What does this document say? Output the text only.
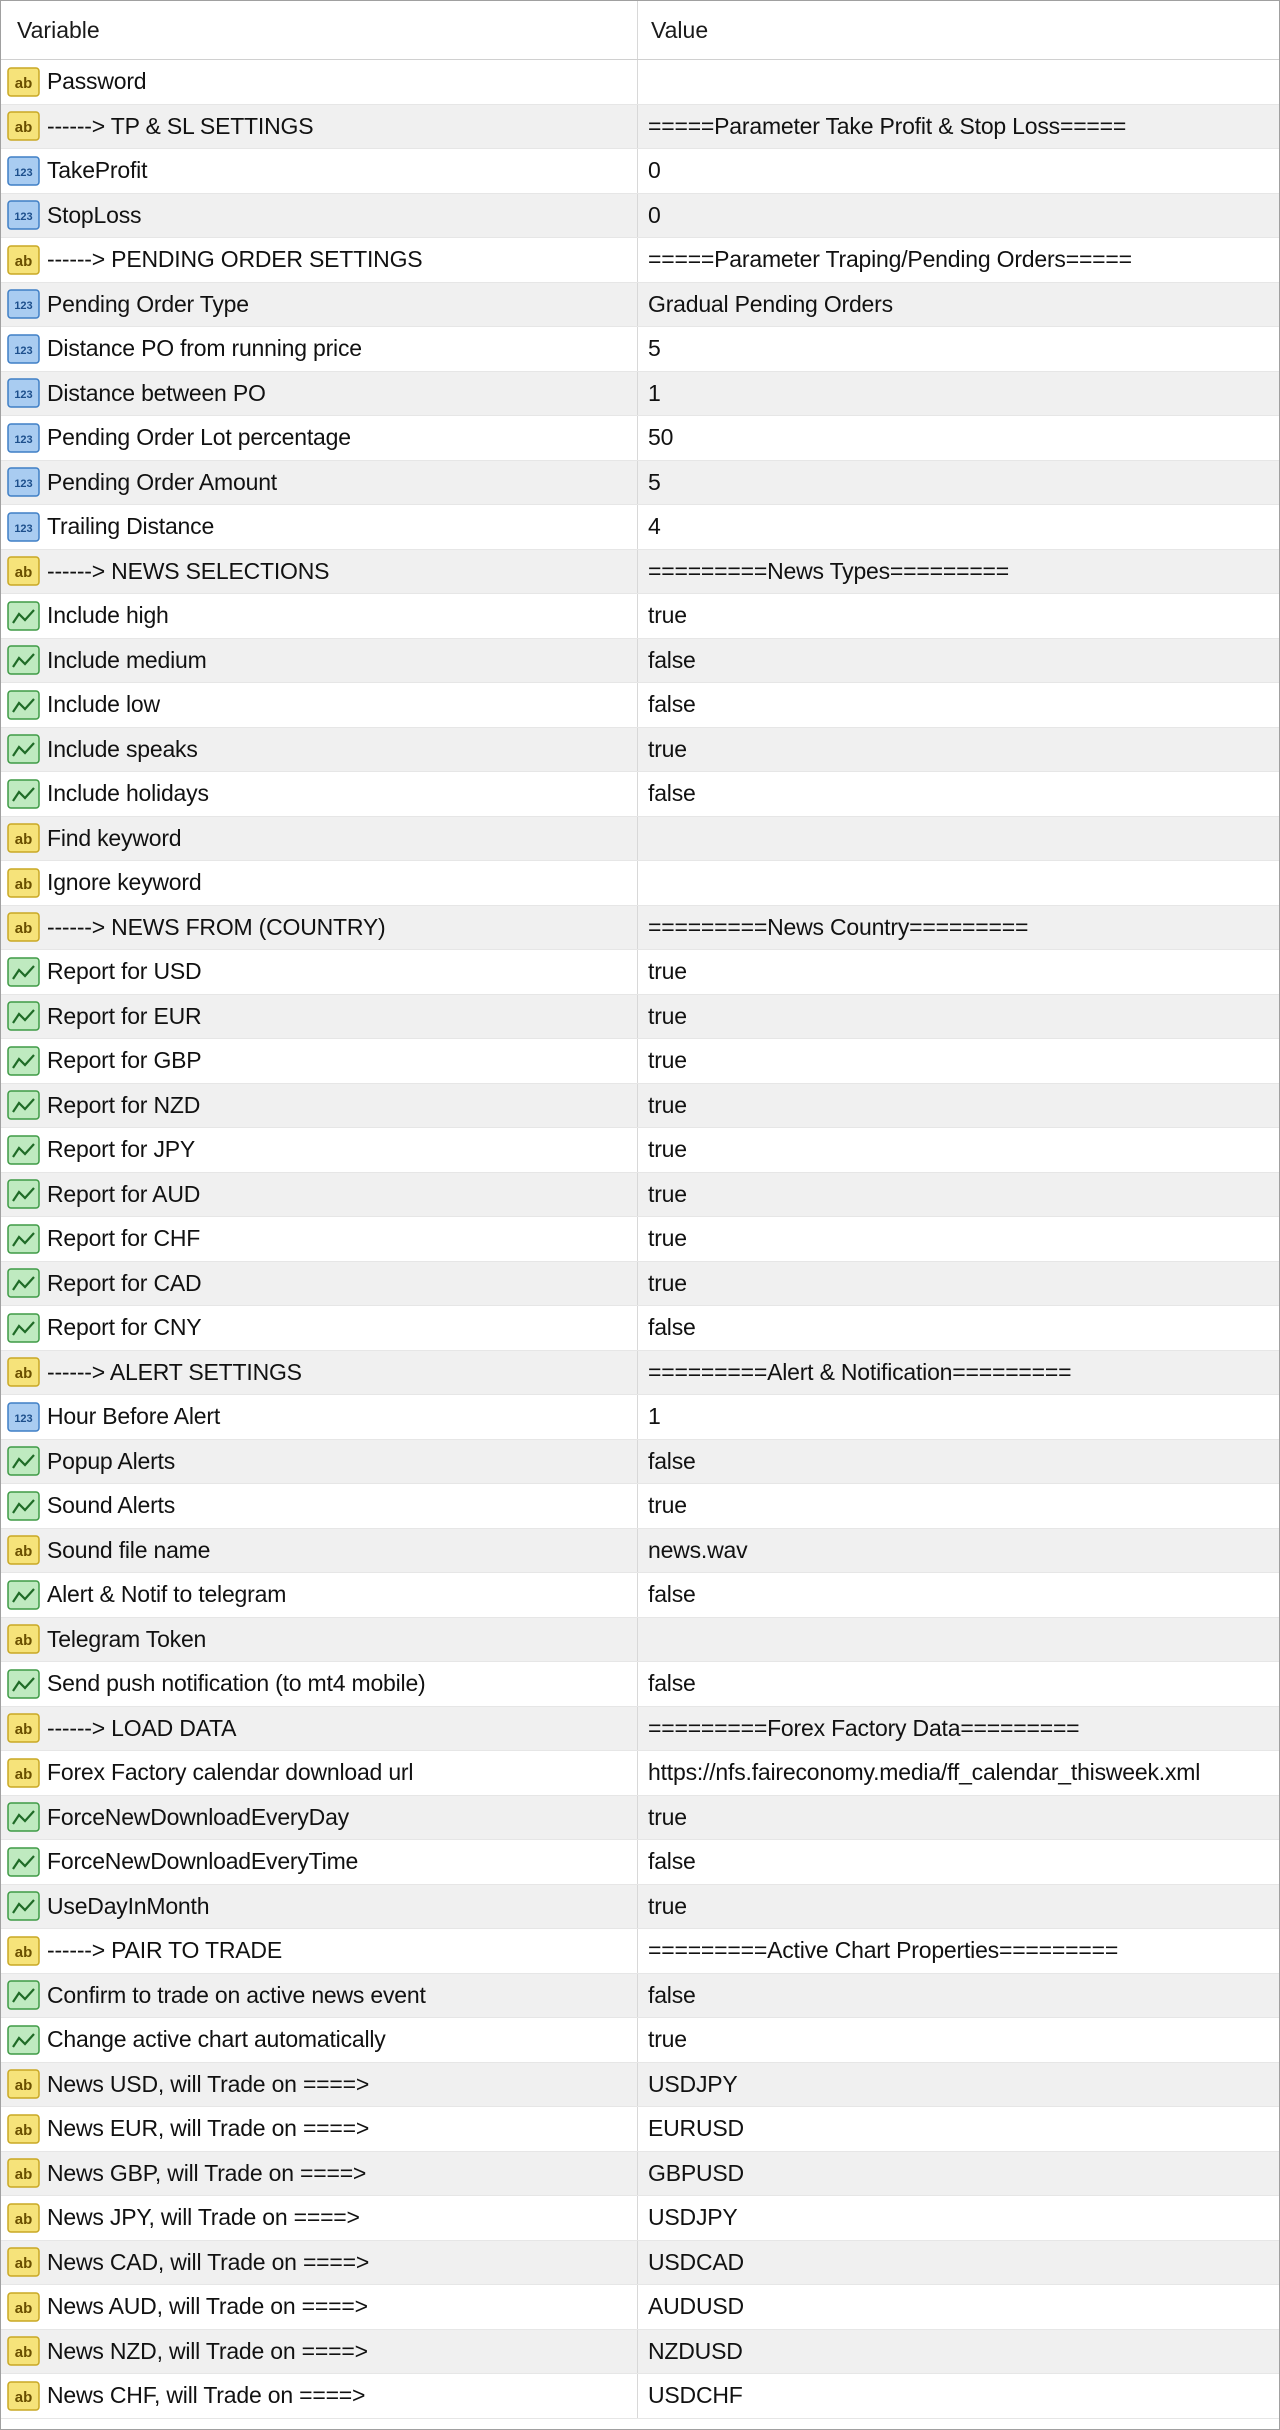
Variable	Value
ab Password
ab ------> TP & SL SETTINGS	=====Parameter Take Profit & Stop Loss=====
123 TakeProfit	0
123 StopLoss	0
ab ------> PENDING ORDER SETTINGS	=====Parameter Traping/Pending Orders=====
123 Pending Order Type	Gradual Pending Orders
123 Distance PO from running price	5
123 Distance between PO	1
123 Pending Order Lot percentage	50
123 Pending Order Amount	5
123 Trailing Distance	4
ab ------> NEWS SELECTIONS	=========News Types=========
Include high	true
Include medium	false
Include low	false
Include speaks	true
Include holidays	false
ab Find keyword
ab Ignore keyword
ab ------> NEWS FROM (COUNTRY)	=========News Country=========
Report for USD	true
Report for EUR	true
Report for GBP	true
Report for NZD	true
Report for JPY	true
Report for AUD	true
Report for CHF	true
Report for CAD	true
Report for CNY	false
ab ------> ALERT SETTINGS	=========Alert & Notification=========
123 Hour Before Alert	1
Popup Alerts	false
Sound Alerts	true
ab Sound file name	news.wav
Alert & Notif to telegram	false
ab Telegram Token
Send push notification (to mt4 mobile)	false
ab ------> LOAD DATA	=========Forex Factory Data=========
ab Forex Factory calendar download url	https://nfs.faireconomy.media/ff_calendar_thisweek.xml
ForceNewDownloadEveryDay	true
ForceNewDownloadEveryTime	false
UseDayInMonth	true
ab ------> PAIR TO TRADE	=========Active Chart Properties=========
Confirm to trade on active news event	false
Change active chart automatically	true
ab News USD, will Trade on ====>	USDJPY
ab News EUR, will Trade on ====>	EURUSD
ab News GBP, will Trade on ====>	GBPUSD
ab News JPY, will Trade on ====>	USDJPY
ab News CAD, will Trade on ====>	USDCAD
ab News AUD, will Trade on ====>	AUDUSD
ab News NZD, will Trade on ====>	NZDUSD
ab News CHF, will Trade on ====>	USDCHF
